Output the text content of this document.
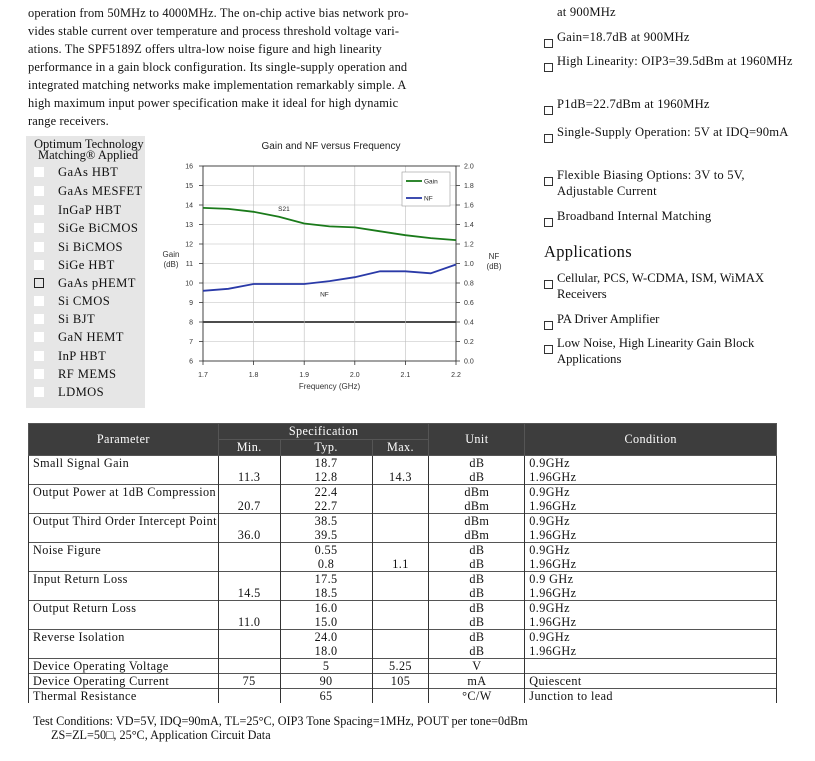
operation from 50MHz to 4000MHz. The on-chip active bias network pro-
vides stable current over temperature and process threshold voltage vari-
ations. The SPF5189Z offers ultra-low noise figure and high linearity
performance in a gain block configuration. Its single-supply operation and
integrated matching networks make implementation remarkably simple. A
high maximum input power specification make it ideal for high dynamic
range receivers.
Optimum Technology
Matching® Applied
GaAs HBT
GaAs MESFET
InGaP HBT
SiGe BiCMOS
Si BiCMOS
SiGe HBT
GaAs pHEMT
Si CMOS
Si BJT
GaN HEMT
InP HBT
RF MEMS
LDMOS
Gain and NF versus Frequency
6
7
8
9
10
11
12
13
14
15
16
0.0
0.2
0.4
0.6
0.8
1.0
1.2
1.4
1.6
1.8
2.0
1.7	1.8	1.9	2.0	2.1	2.2
Gain
(dB)
NF
(dB)
Frequency (GHz)
S21
NF
Gain
NF
at 900MHz
Gain=18.7dB at 900MHz
High Linearity: OIP3=39.5dBm at 1960MHz
P1dB=22.7dBm at 1960MHz
Single-Supply Operation: 5V at IDQ=90mA
Flexible Biasing Options: 3V to 5V, Adjustable Current
Broadband Internal Matching
Applications
Cellular, PCS, W-CDMA, ISM, WiMAX Receivers
PA Driver Amplifier
Low Noise, High Linearity Gain Block Applications
Parameter	Specification			Unit	Condition
	Min.	Typ.	Max.		

Small Signal Gain		18.7		dB	0.9GHz

	11.3	12.8	14.3	dB	1.96GHz

Output Power at 1dB Compression		22.4		dBm	0.9GHz

	20.7	22.7		dBm	1.96GHz

Output Third Order Intercept Point		38.5		dBm	0.9GHz

	36.0	39.5		dBm	1.96GHz

Noise Figure		0.55		dB	0.9GHz

		0.8	1.1	dB	1.96GHz

Input Return Loss		17.5		dB	0.9 GHz

	14.5	18.5		dB	1.96GHz

Output Return Loss		16.0		dB	0.9GHz

	11.0	15.0		dB	1.96GHz

Reverse Isolation		24.0		dB	0.9GHz

		18.0		dB	1.96GHz

Device Operating Voltage		5	5.25	V	

Device Operating Current	75	90	105	mA	Quiescent

Thermal Resistance		65		°C/W	Junction to lead
Test Conditions: VD=5V, IDQ=90mA, TL=25°C, OIP3 Tone Spacing=1MHz, POUT per tone=0dBm
ZS=ZL=50□, 25°C, Application Circuit Data
